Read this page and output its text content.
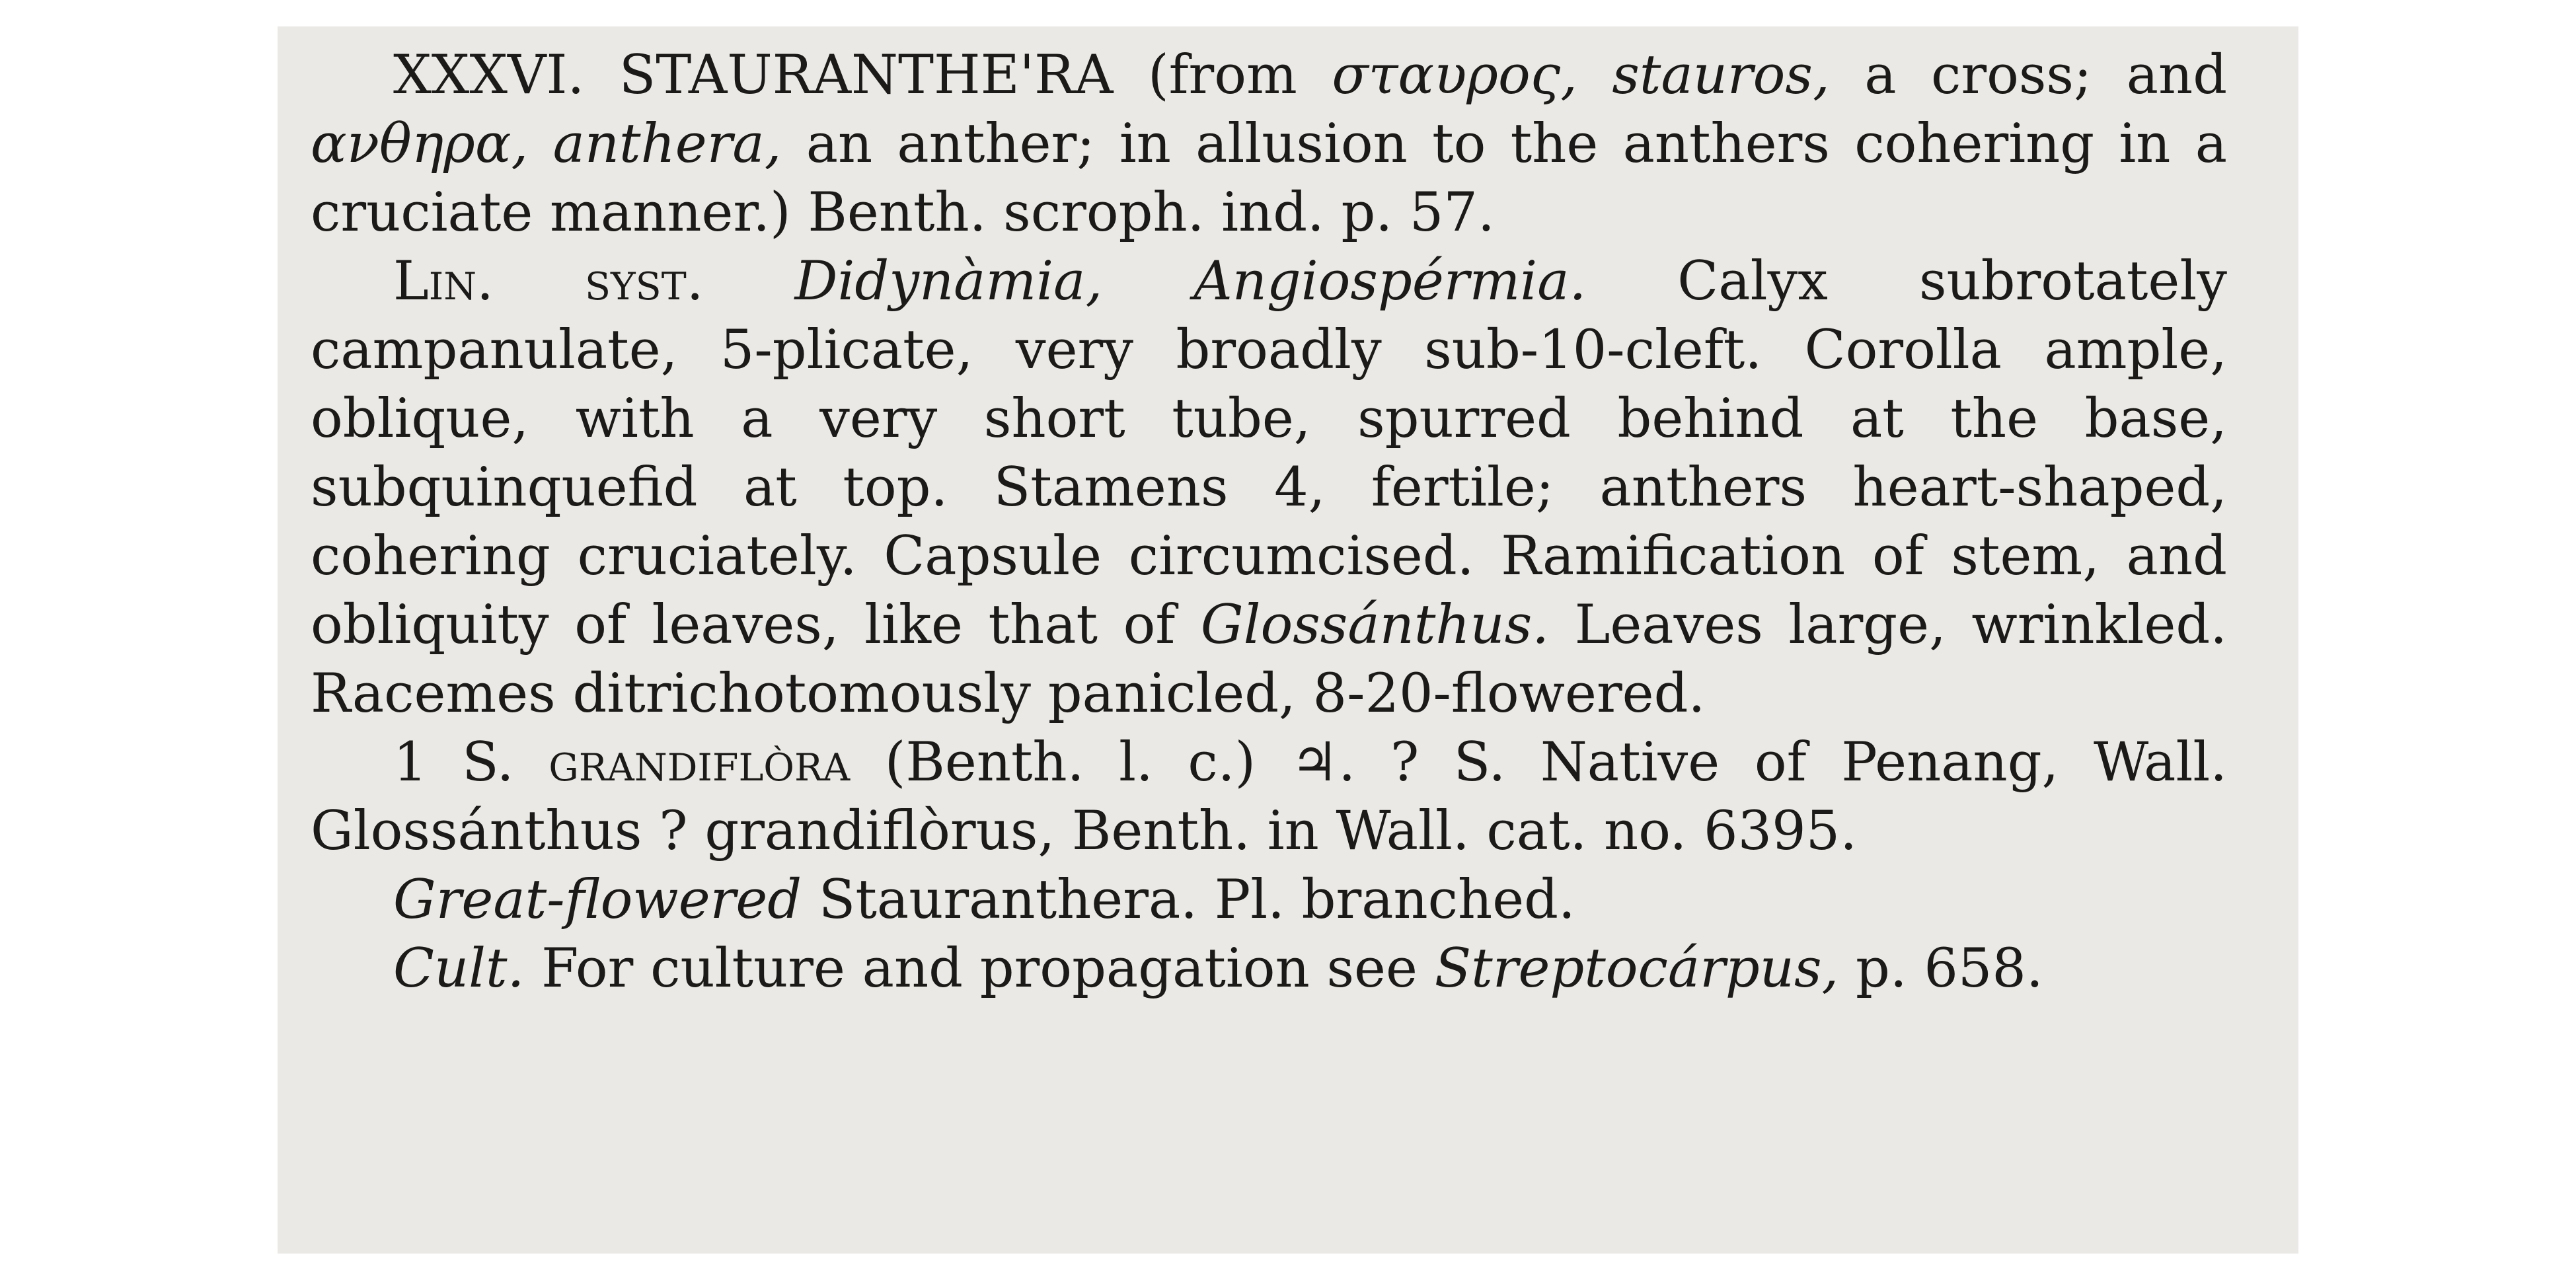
XXXVI. STAURANTHE'RA (from σταυρος, stauros, a cross; and ανθηρα, anthera, an anther; in allusion to the anthers cohering in a cruciate manner.) Benth. scroph. ind. p. 57.

Lin. syst. Didynàmia, Angiospérmia. Calyx subrotately campanulate, 5-plicate, very broadly sub-10-cleft. Corolla ample, oblique, with a very short tube, spurred behind at the base, subquinquefid at top. Stamens 4, fertile; anthers heart-shaped, cohering cruciately. Capsule circumcised. Ramification of stem, and obliquity of leaves, like that of Glossánthus. Leaves large, wrinkled. Racemes ditrichotomously panicled, 8-20-flowered.

1 S. grandiflòra (Benth. l. c.) ♃. ? S. Native of Penang, Wall. Glossánthus ? grandiflòrus, Benth. in Wall. cat. no. 6395.

Great-flowered Stauranthera. Pl. branched.

Cult. For culture and propagation see Streptocárpus, p. 658.
